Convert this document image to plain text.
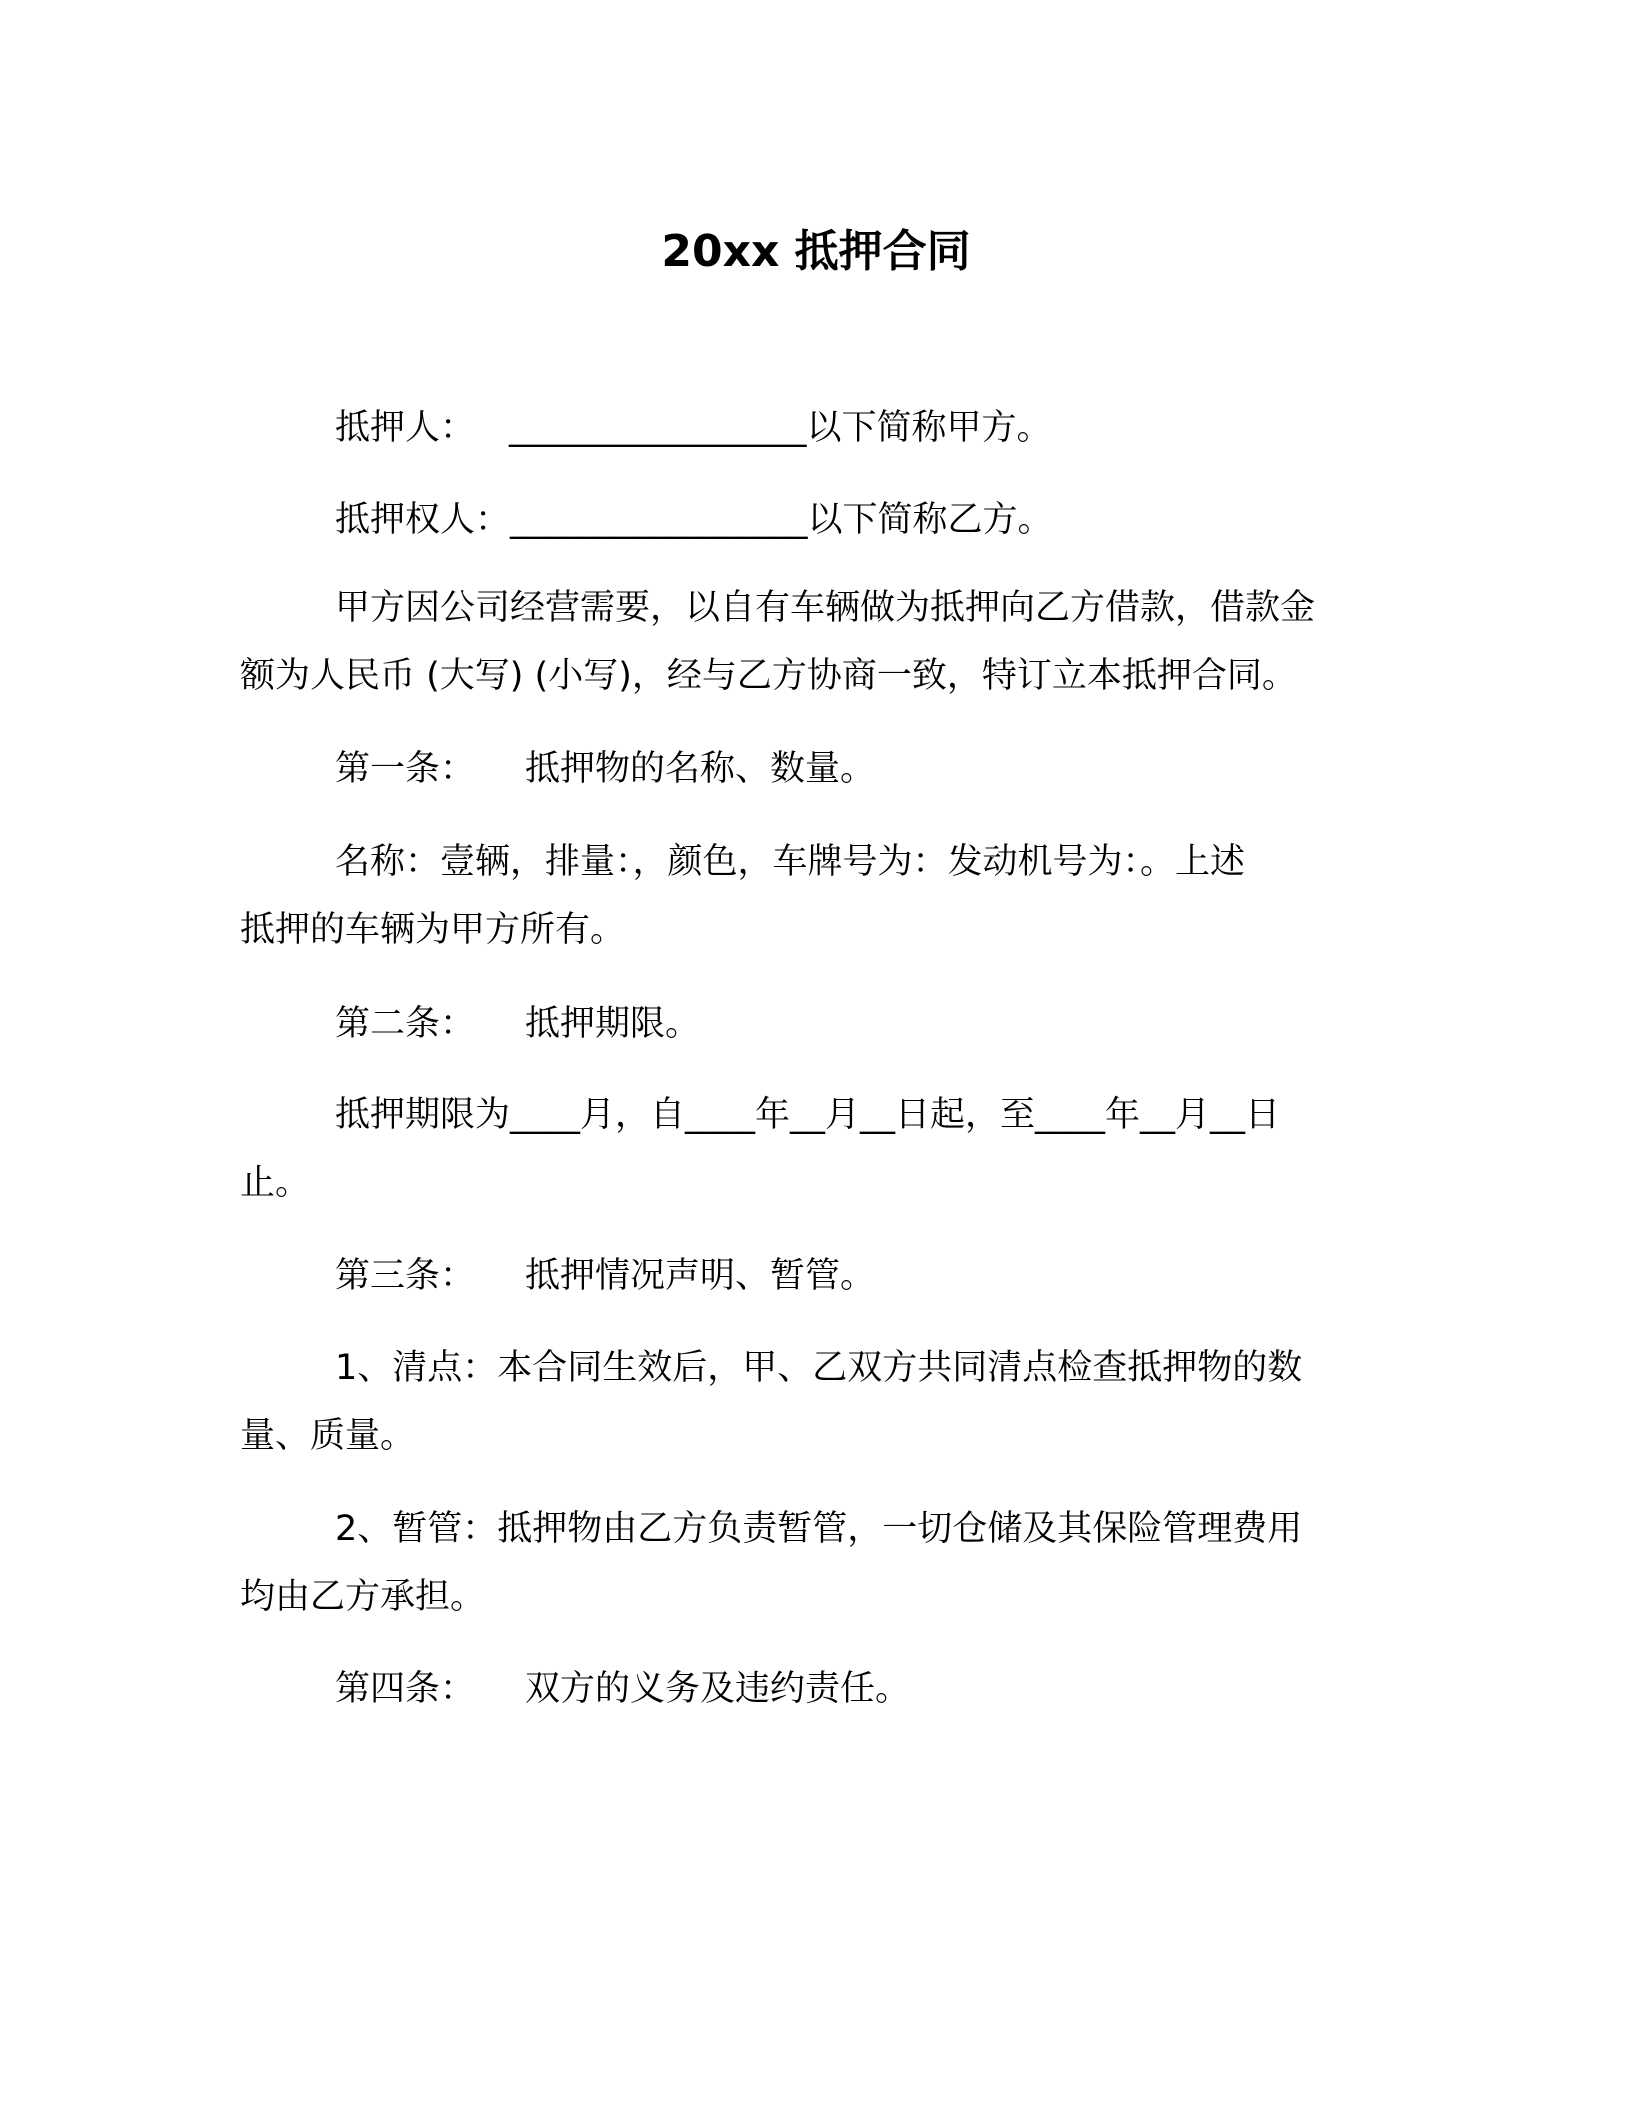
20xx 抵押合同
抵押人： _________________以下简称甲方。
抵押权人：_________________以下简称乙方。
甲方因公司经营需要，以自有车辆做为抵押向乙方借款，借款金
额为人民币 (大写) (小写)，经与乙方协商一致，特订立本抵押合同。
第一条： 抵押物的名称、数量。
名称：壹辆，排量：，颜色，车牌号为：发动机号为：。上述
抵押的车辆为甲方所有。
第二条： 抵押期限。
抵押期限为____月，自____年__月__日起，至____年__月__日
止。
第三条： 抵押情况声明、暂管。
1、清点：本合同生效后，甲、乙双方共同清点检查抵押物的数
量、质量。
2、暂管：抵押物由乙方负责暂管，一切仓储及其保险管理费用
均由乙方承担。
第四条： 双方的义务及违约责任。
